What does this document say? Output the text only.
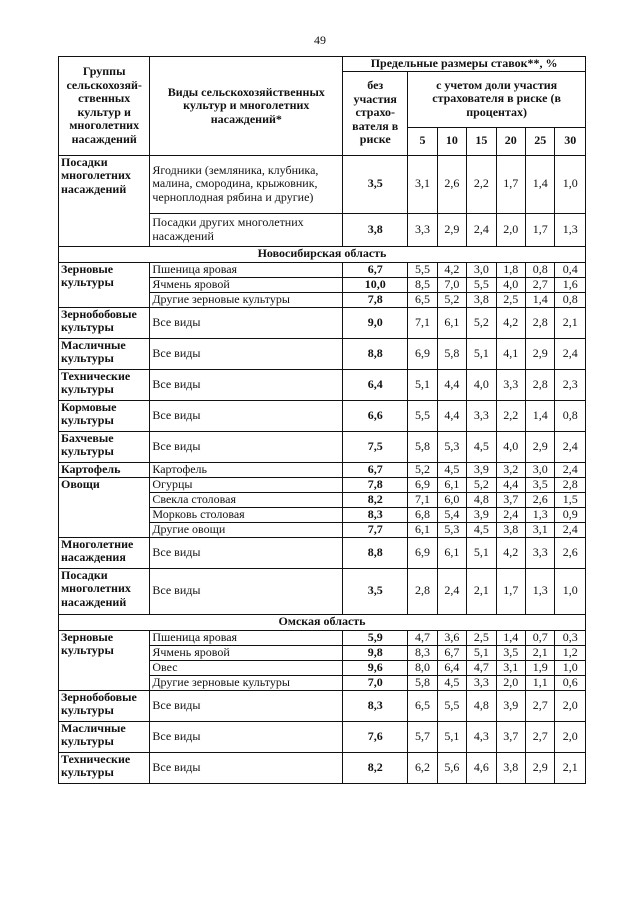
49
Группы сельскохозяй-ственных культур и многолетних насаждений	Виды сельскохозяйственных культур и многолетних насаждений*	Предельные размеры ставок**, %						
		без участия страхо-вателя в риске	с учетом доли участия страхователя в риске (в процентах)					
			5	10	15	20	25	30
Посадки многолетних насаждений	Ягодники (земляника, клубника, малина, смородина, крыжовник, черноплодная рябина и другие)	3,5	3,1	2,6	2,2	1,7	1,4	1,0
	Посадки других многолетних насаждений	3,8	3,3	2,9	2,4	2,0	1,7	1,3
Новосибирская область								
Зерновые культуры	Пшеница яровая	6,7	5,5	4,2	3,0	1,8	0,8	0,4
	Ячмень яровой	10,0	8,5	7,0	5,5	4,0	2,7	1,6
	Другие зерновые культуры	7,8	6,5	5,2	3,8	2,5	1,4	0,8
Зернобобовые культуры	Все виды	9,0	7,1	6,1	5,2	4,2	2,8	2,1
Масличные культуры	Все виды	8,8	6,9	5,8	5,1	4,1	2,9	2,4
Технические культуры	Все виды	6,4	5,1	4,4	4,0	3,3	2,8	2,3
Кормовые культуры	Все виды	6,6	5,5	4,4	3,3	2,2	1,4	0,8
Бахчевые культуры	Все виды	7,5	5,8	5,3	4,5	4,0	2,9	2,4
Картофель	Картофель	6,7	5,2	4,5	3,9	3,2	3,0	2,4
Овощи	Огурцы	7,8	6,9	6,1	5,2	4,4	3,5	2,8
	Свекла столовая	8,2	7,1	6,0	4,8	3,7	2,6	1,5
	Морковь столовая	8,3	6,8	5,4	3,9	2,4	1,3	0,9
	Другие овощи	7,7	6,1	5,3	4,5	3,8	3,1	2,4
Многолетние насаждения	Все виды	8,8	6,9	6,1	5,1	4,2	3,3	2,6
Посадки многолетних насаждений	Все виды	3,5	2,8	2,4	2,1	1,7	1,3	1,0
Омская область								
Зерновые культуры	Пшеница яровая	5,9	4,7	3,6	2,5	1,4	0,7	0,3
	Ячмень яровой	9,8	8,3	6,7	5,1	3,5	2,1	1,2
	Овес	9,6	8,0	6,4	4,7	3,1	1,9	1,0
	Другие зерновые культуры	7,0	5,8	4,5	3,3	2,0	1,1	0,6
Зернобобовые культуры	Все виды	8,3	6,5	5,5	4,8	3,9	2,7	2,0
Масличные культуры	Все виды	7,6	5,7	5,1	4,3	3,7	2,7	2,0
Технические культуры	Все виды	8,2	6,2	5,6	4,6	3,8	2,9	2,1
